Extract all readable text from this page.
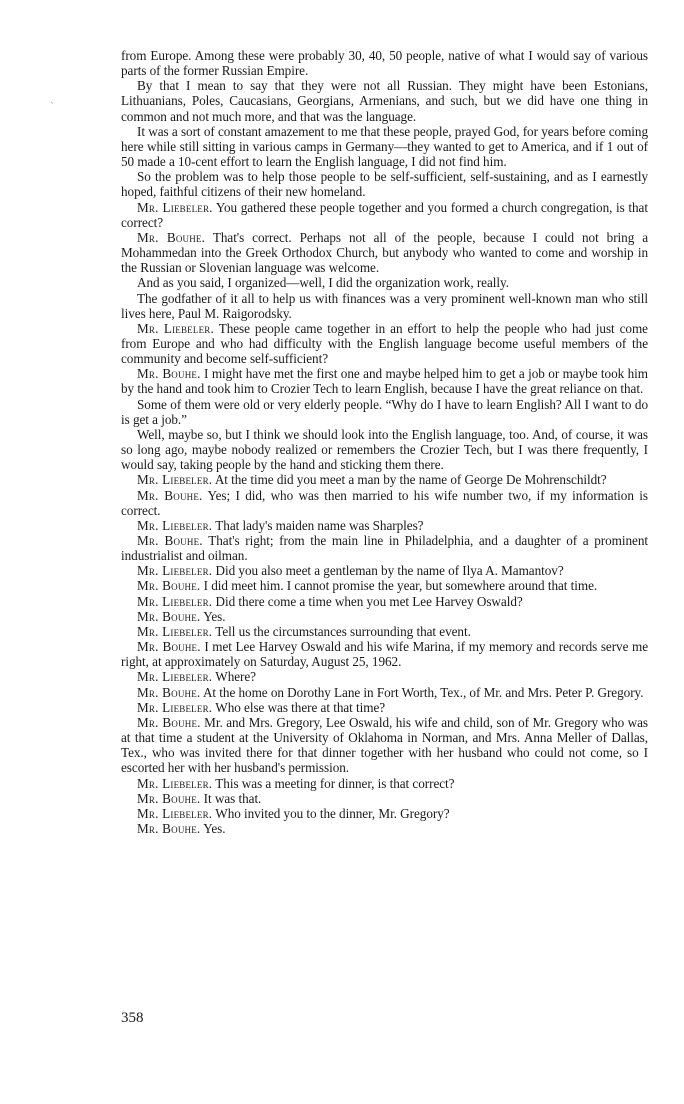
`

from Europe. Among these were probably 30, 40, 50 people, native of what I would say of various parts of the former Russian Empire.

By that I mean to say that they were not all Russian. They might have been Estonians, Lithuanians, Poles, Caucasians, Georgians, Armenians, and such, but we did have one thing in common and not much more, and that was the language.

It was a sort of constant amazement to me that these people, prayed God, for years before coming here while still sitting in various camps in Germany—they wanted to get to America, and if 1 out of 50 made a 10-cent effort to learn the English language, I did not find him.

So the problem was to help those people to be self-sufficient, self-sustaining, and as I earnestly hoped, faithful citizens of their new homeland.

Mr. Liebeler. You gathered these people together and you formed a church congregation, is that correct?

Mr. Bouhe. That's correct. Perhaps not all of the people, because I could not bring a Mohammedan into the Greek Orthodox Church, but anybody who wanted to come and worship in the Russian or Slovenian language was welcome.

And as you said, I organized—well, I did the organization work, really.

The godfather of it all to help us with finances was a very prominent well-known man who still lives here, Paul M. Raigorodsky.

Mr. Liebeler. These people came together in an effort to help the people who had just come from Europe and who had difficulty with the English language become useful members of the community and become self-sufficient?

Mr. Bouhe. I might have met the first one and maybe helped him to get a job or maybe took him by the hand and took him to Crozier Tech to learn English, because I have the great reliance on that.

Some of them were old or very elderly people. “Why do I have to learn English? All I want to do is get a job.”

Well, maybe so, but I think we should look into the English language, too. And, of course, it was so long ago, maybe nobody realized or remembers the Crozier Tech, but I was there frequently, I would say, taking people by the hand and sticking them there.

Mr. Liebeler. At the time did you meet a man by the name of George De Mohrenschildt?

Mr. Bouhe. Yes; I did, who was then married to his wife number two, if my information is correct.

Mr. Liebeler. That lady's maiden name was Sharples?

Mr. Bouhe. That's right; from the main line in Philadelphia, and a daughter of a prominent industrialist and oilman.

Mr. Liebeler. Did you also meet a gentleman by the name of Ilya A. Mamantov?

Mr. Bouhe. I did meet him. I cannot promise the year, but somewhere around that time.

Mr. Liebeler. Did there come a time when you met Lee Harvey Oswald?

Mr. Bouhe. Yes.

Mr. Liebeler. Tell us the circumstances surrounding that event.

Mr. Bouhe. I met Lee Harvey Oswald and his wife Marina, if my memory and records serve me right, at approximately on Saturday, August 25, 1962.

Mr. Liebeler. Where?

Mr. Bouhe. At the home on Dorothy Lane in Fort Worth, Tex., of Mr. and Mrs. Peter P. Gregory.

Mr. Liebeler. Who else was there at that time?

Mr. Bouhe. Mr. and Mrs. Gregory, Lee Oswald, his wife and child, son of Mr. Gregory who was at that time a student at the University of Oklahoma in Norman, and Mrs. Anna Meller of Dallas, Tex., who was invited there for that dinner together with her husband who could not come, so I escorted her with her husband's permission.

Mr. Liebeler. This was a meeting for dinner, is that correct?

Mr. Bouhe. It was that.

Mr. Liebeler. Who invited you to the dinner, Mr. Gregory?

Mr. Bouhe. Yes.

358
